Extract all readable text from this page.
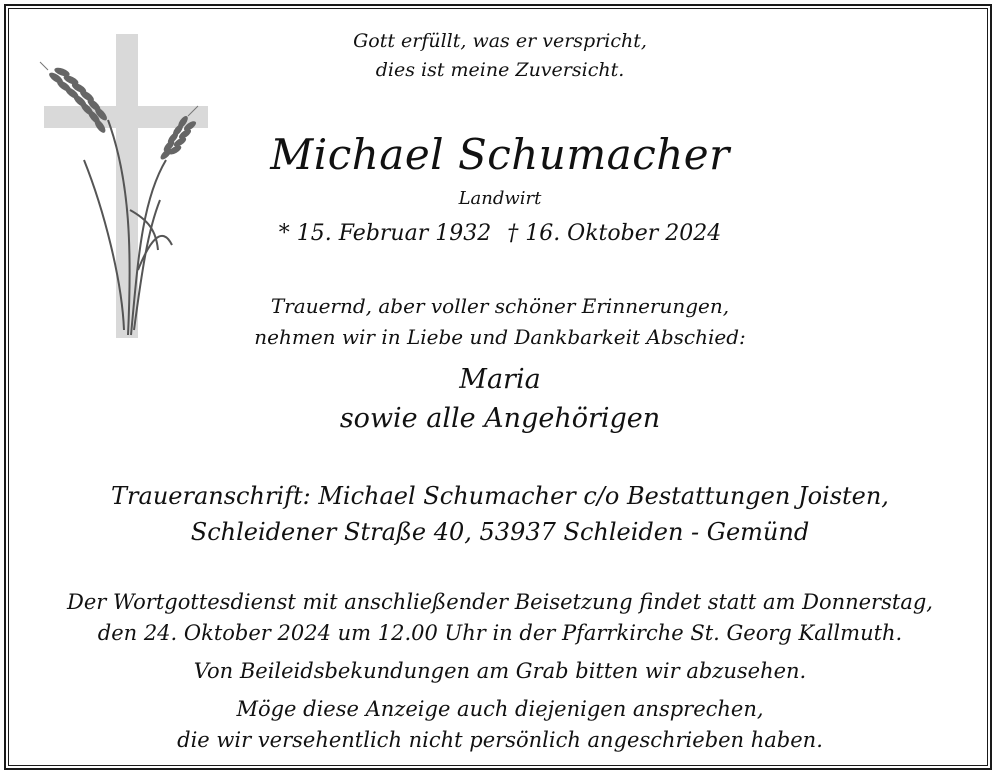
Gott erfüllt, was er verspricht,
dies ist meine Zuversicht.
Michael Schumacher
Landwirt
* 15. Februar 1932 † 16. Oktober 2024
Trauernd, aber voller schöner Erinnerungen,
nehmen wir in Liebe und Dankbarkeit Abschied:
Maria
sowie alle Angehörigen
Traueranschrift: Michael Schumacher c/o Bestattungen Joisten,
Schleidener Straße 40, 53937 Schleiden - Gemünd
Der Wortgottesdienst mit anschließender Beisetzung findet statt am Donnerstag,
den 24. Oktober 2024 um 12.00 Uhr in der Pfarrkirche St. Georg Kallmuth.
Von Beileidsbekundungen am Grab bitten wir abzusehen.
Möge diese Anzeige auch diejenigen ansprechen,
die wir versehentlich nicht persönlich angeschrieben haben.
